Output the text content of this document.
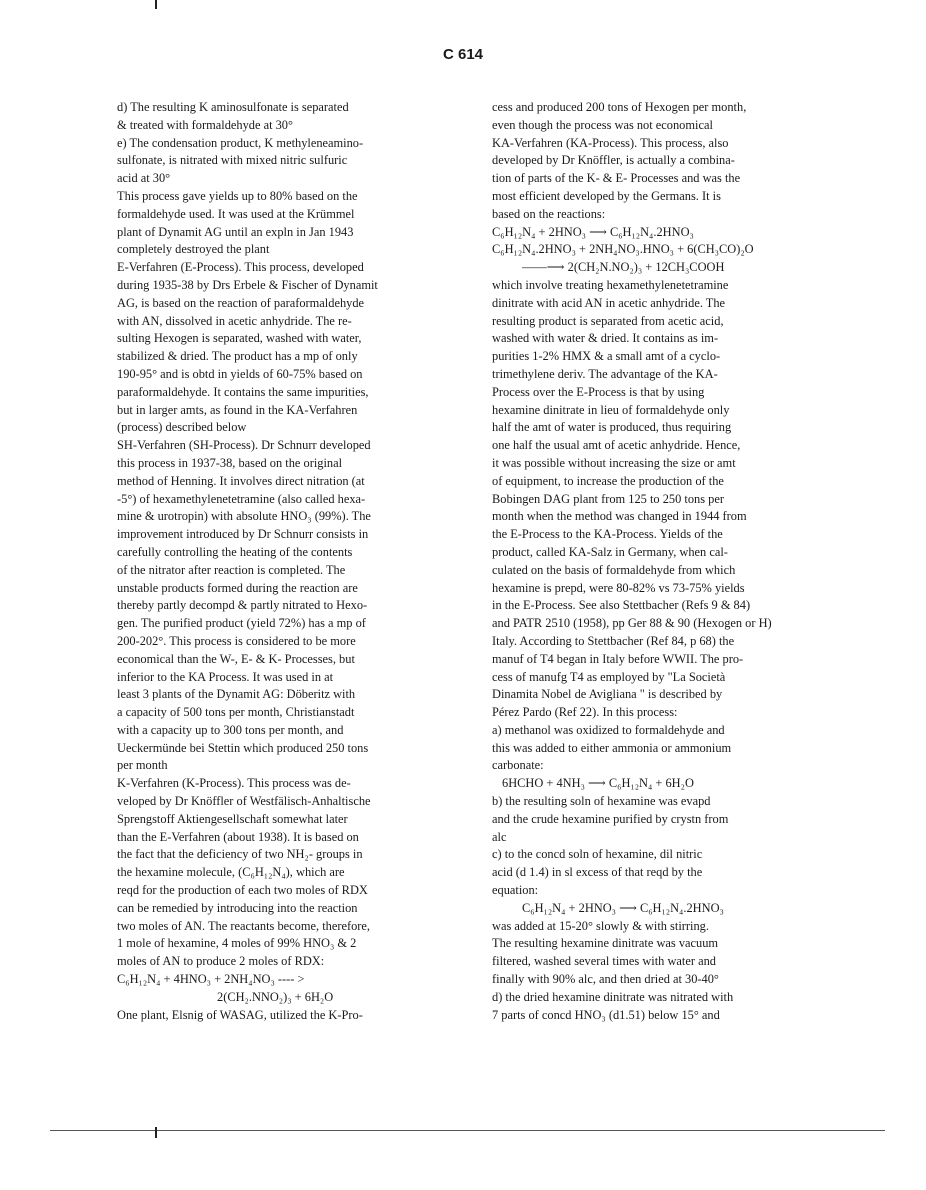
C 614
d) The resulting K aminosulfonate is separated
& treated with formaldehyde at 30°
e) The condensation product, K methyleneamino-
sulfonate, is nitrated with mixed nitric sulfuric
acid at 30°
This process gave yields up to 80% based on the
formaldehyde used. It was used at the Krümmel
plant of Dynamit AG until an expln in Jan 1943
completely destroyed the plant
E-Verfahren (E-Process). This process, developed
during 1935-38 by Drs Erbele & Fischer of Dynamit
AG, is based on the reaction of paraformaldehyde
with AN, dissolved in acetic anhydride. The re-
sulting Hexogen is separated, washed with water,
stabilized & dried. The product has a mp of only
190-95° and is obtd in yields of 60-75% based on
paraformaldehyde. It contains the same impurities,
but in larger amts, as found in the KA-Verfahren
(process) described below
SH-Verfahren (SH-Process). Dr Schnurr developed
this process in 1937-38, based on the original
method of Henning. It involves direct nitration (at
-5°) of hexamethylenetetramine (also called hexa-
mine & urotropin) with absolute HNO₃ (99%). The
improvement introduced by Dr Schnurr consists in
carefully controlling the heating of the contents
of the nitrator after reaction is completed. The
unstable products formed during the reaction are
thereby partly decompd & partly nitrated to Hexo-
gen. The purified product (yield 72%) has a mp of
200-202°. This process is considered to be more
economical than the W-, E- & K- Processes, but
inferior to the KA Process. It was used in at
least 3 plants of the Dynamit AG: Döberitz with
a capacity of 500 tons per month, Christianstadt
with a capacity up to 300 tons per month, and
Ueckermünde bei Stettin which produced 250 tons
per month
K-Verfahren (K-Process). This process was de-
veloped by Dr Knöffler of Westfälisch-Anhaltische
Sprengstoff Aktiengesellschaft somewhat later
than the E-Verfahren (about 1938). It is based on
the fact that the deficiency of two NH₂- groups in
the hexamine molecule, (C₆H₁₂N₄), which are
reqd for the production of each two moles of RDX
can be remedied by introducing into the reaction
two moles of AN. The reactants become, therefore,
1 mole of hexamine, 4 moles of 99% HNO₃ & 2
moles of AN to produce 2 moles of RDX:
C₆H₁₂N₄ + 4HNO₃ + 2NH₄NO₃ ---- >
2(CH₂.NNO₂)₃ + 6H₂O
One plant, Elsnig of WASAG, utilized the K-Pro-
cess and produced 200 tons of Hexogen per month,
even though the process was not economical
KA-Verfahren (KA-Process). This process, also
developed by Dr Knöffler, is actually a combina-
tion of parts of the K- & E- Processes and was the
most efficient developed by the Germans. It is
based on the reactions:
C₆H₁₂N₄ + 2HNO₃ ⟶ C₆H₁₂N₄.2HNO₃
C₆H₁₂N₄.2HNO₃ + 2NH₄NO₃.HNO₃ + 6(CH₃CO)₂O
——⟶ 2(CH₂N.NO₂)₃ + 12CH₃COOH
which involve treating hexamethylenetetramine
dinitrate with acid AN in acetic anhydride. The
resulting product is separated from acetic acid,
washed with water & dried. It contains as im-
purities 1-2% HMX & a small amt of a cyclo-
trimethylene deriv. The advantage of the KA-
Process over the E-Process is that by using
hexamine dinitrate in lieu of formaldehyde only
half the amt of water is produced, thus requiring
one half the usual amt of acetic anhydride. Hence,
it was possible without increasing the size or amt
of equipment, to increase the production of the
Bobingen DAG plant from 125 to 250 tons per
month when the method was changed in 1944 from
the E-Process to the KA-Process. Yields of the
product, called KA-Salz in Germany, when cal-
culated on the basis of formaldehyde from which
hexamine is prepd, were 80-82% vs 73-75% yields
in the E-Process. See also Stettbacher (Refs 9 & 84)
and PATR 2510 (1958), pp Ger 88 & 90 (Hexogen or H)
Italy. According to Stettbacher (Ref 84, p 68) the
manuf of T4 began in Italy before WWII. The pro-
cess of manufg T4 as employed by "La Società
Dinamita Nobel de Avigliana " is described by
Pérez Pardo (Ref 22). In this process:
a) methanol was oxidized to formaldehyde and
this was added to either ammonia or ammonium
carbonate:
6HCHO + 4NH₃ ⟶ C₆H₁₂N₄ + 6H₂O
b) the resulting soln of hexamine was evapd
and the crude hexamine purified by crystn from
alc
c) to the concd soln of hexamine, dil nitric
acid (d 1.4) in sl excess of that reqd by the
equation:
C₆H₁₂N₄ + 2HNO₃ ⟶ C₆H₁₂N₄.2HNO₃
was added at 15-20° slowly & with stirring.
The resulting hexamine dinitrate was vacuum
filtered, washed several times with water and
finally with 90% alc, and then dried at 30-40°
d) the dried hexamine dinitrate was nitrated with
7 parts of concd HNO₃ (d1.51) below 15° and
